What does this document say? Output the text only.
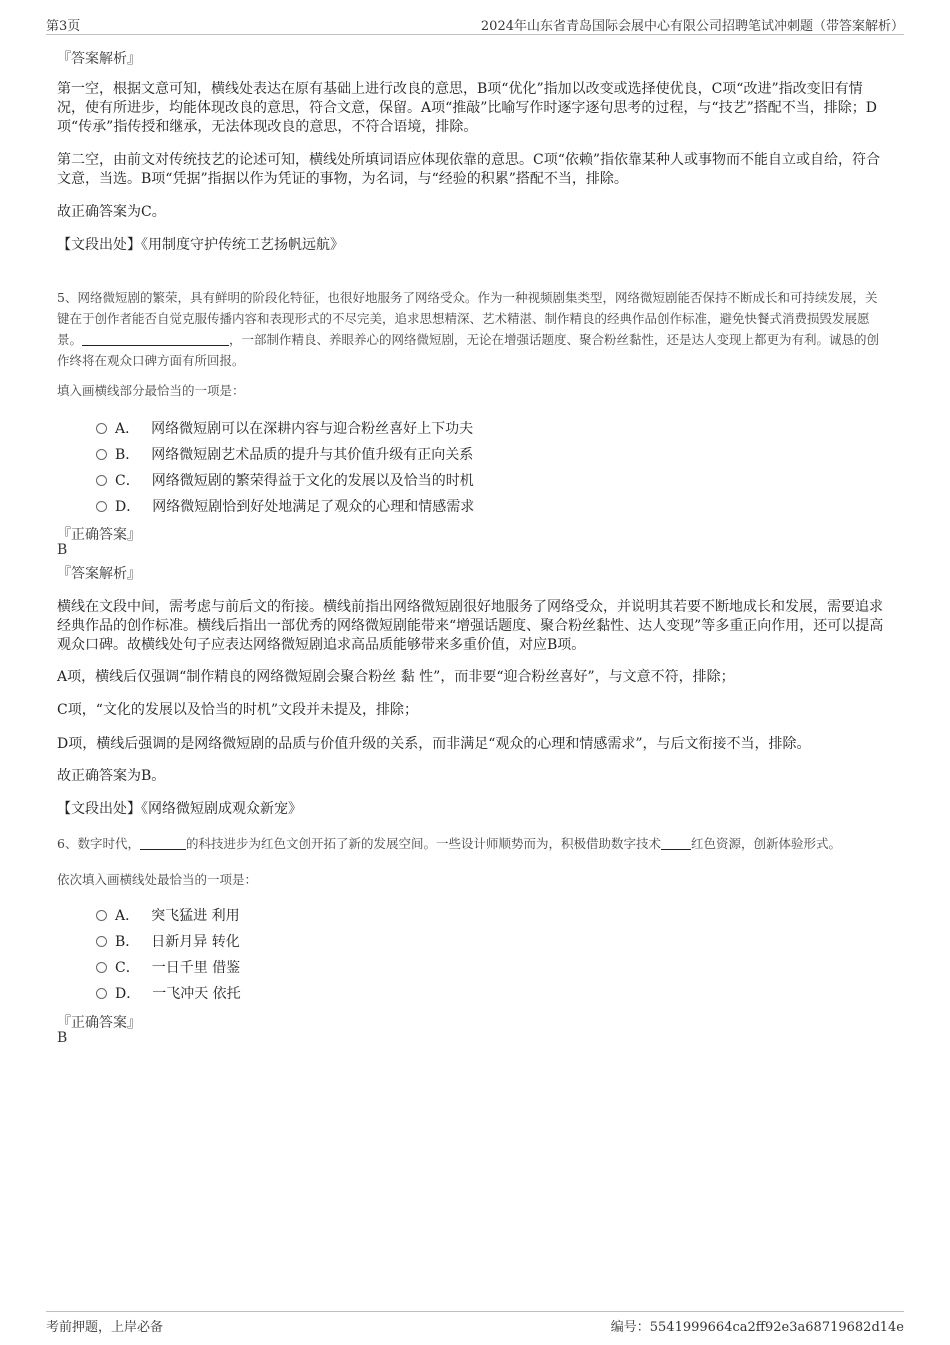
第3页	2024年山东省青岛国际会展中心有限公司招聘笔试冲刺题（带答案解析）
『答案解析』
第一空，根据文意可知，横线处表达在原有基础上进行改良的意思，B项“优化”指加以改变或选择使优良，C项“改进”指改变旧有情况，使有所进步，均能体现改良的意思，符合文意，保留。A项“推敲”比喻写作时逐字逐句思考的过程，与“技艺”搭配不当，排除；D项“传承”指传授和继承，无法体现改良的意思，不符合语境，排除。
第二空，由前文对传统技艺的论述可知，横线处所填词语应体现依靠的意思。C项“依赖”指依靠某种人或事物而不能自立或自给，符合文意，当选。B项“凭据”指据以作为凭证的事物，为名词，与“经验的积累”搭配不当，排除。
故正确答案为C。
【文段出处】《用制度守护传统工艺扬帆远航》
5、网络微短剧的繁荣，具有鲜明的阶段化特征，也很好地服务了网络受众。作为一种视频剧集类型，网络微短剧能否保持不断成长和可持续发展，关键在于创作者能否自觉克服传播内容和表现形式的不尽完美，追求思想精深、艺术精湛、制作精良的经典作品创作标准，避免快餐式消费损毁发展愿景。	，一部制作精良、养眼养心的网络微短剧，无论在增强话题度、聚合粉丝黏性，还是达人变现上都更为有利。诚恳的创作终将在观众口碑方面有所回报。
填入画横线部分最恰当的一项是：
A． 网络微短剧可以在深耕内容与迎合粉丝喜好上下功夫
B． 网络微短剧艺术品质的提升与其价值升级有正向关系
C． 网络微短剧的繁荣得益于文化的发展以及恰当的时机
D． 网络微短剧恰到好处地满足了观众的心理和情感需求
『正确答案』
B
『答案解析』
横线在文段中间，需考虑与前后文的衔接。横线前指出网络微短剧很好地服务了网络受众，并说明其若要不断地成长和发展，需要追求经典作品的创作标准。横线后指出一部优秀的网络微短剧能带来“增强话题度、聚合粉丝黏性、达人变现”等多重正向作用，还可以提高观众口碑。故横线处句子应表达网络微短剧追求高品质能够带来多重价值，对应B项。
A项，横线后仅强调“制作精良的网络微短剧会聚合粉丝 黏 性”，而非要“迎合粉丝喜好”，与文意不符，排除；
C项，“文化的发展以及恰当的时机”文段并未提及，排除；
D项，横线后强调的是网络微短剧的品质与价值升级的关系，而非满足“观众的心理和情感需求”，与后文衔接不当，排除。
故正确答案为B。
【文段出处】《网络微短剧成观众新宠》
6、数字时代，	的科技进步为红色文创开拓了新的发展空间。一些设计师顺势而为，积极借助数字技术 红色资源，创新体验形式。
依次填入画横线处最恰当的一项是：
A． 突飞猛进 利用
B． 日新月异 转化
C． 一日千里 借鉴
D． 一飞冲天 依托
『正确答案』
B
考前押题，上岸必备	编号：5541999664ca2ff92e3a68719682d14e
